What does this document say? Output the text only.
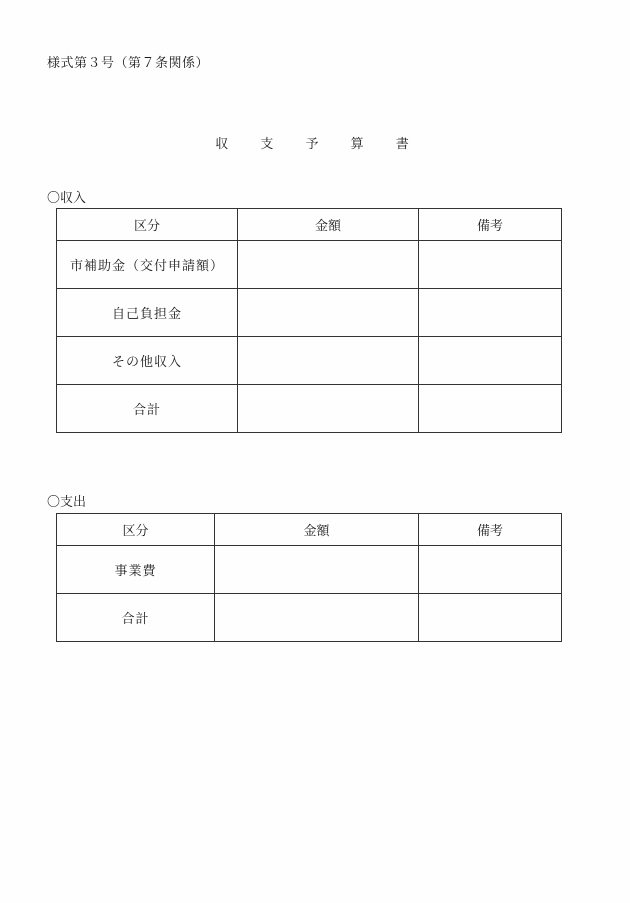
様式第３号（第７条関係）
収 支 予 算 書
〇収入
区分	金額	備考
市補助金（交付申請額）		
自己負担金		
その他収入		
合計		
〇支出
区分	金額	備考
事業費		
合計		
